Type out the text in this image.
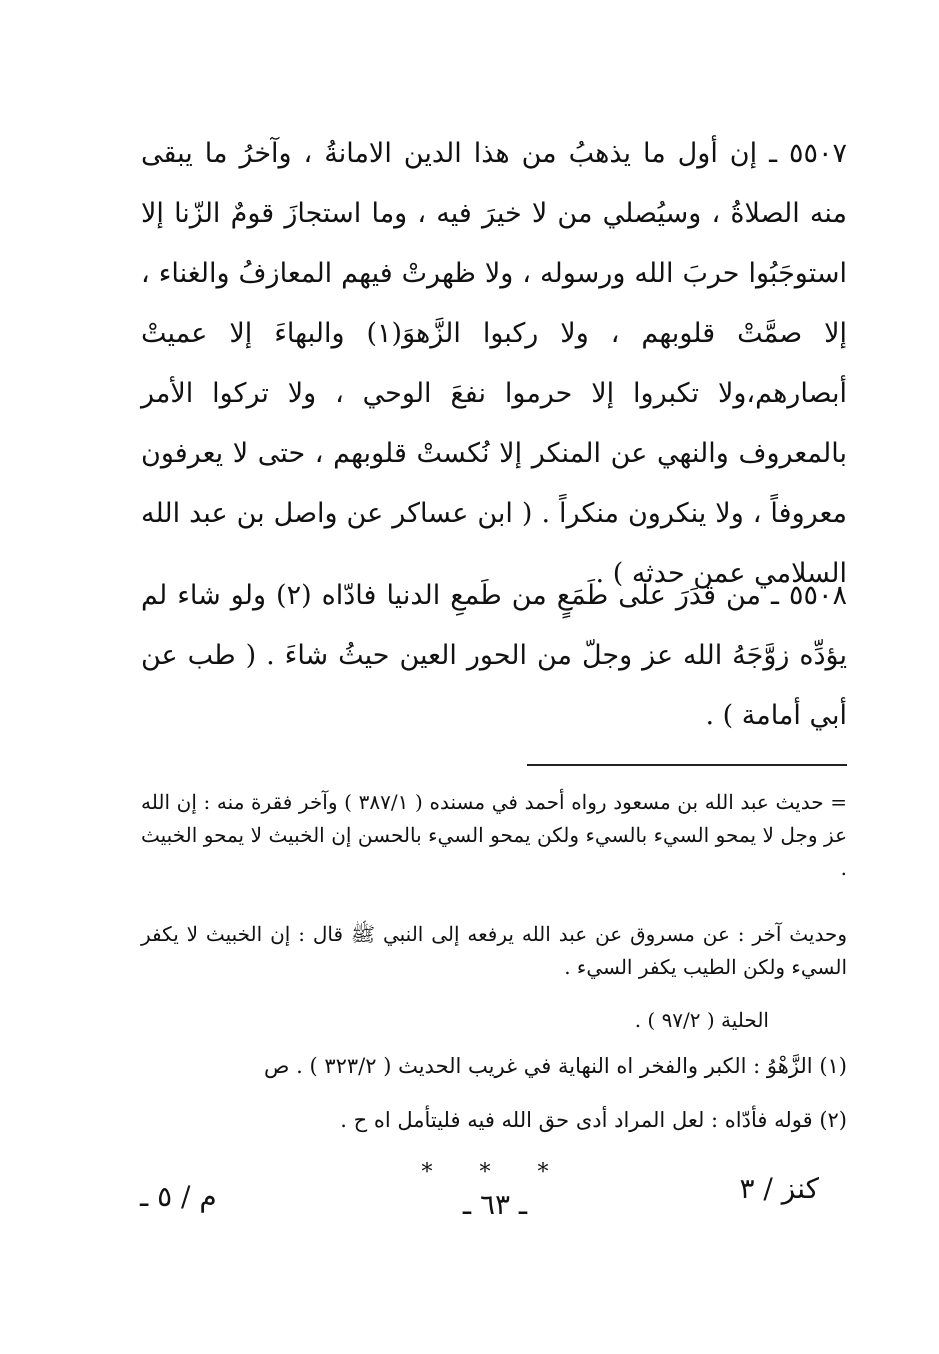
٥٥٠٧ ـ إن أول ما يذهبُ من هذا الدين الامانةُ ، وآخرُ ما يبقى منه الصلاةُ ، وسيُصلي من لا خيرَ فيه ، وما استجازَ قومٌ الزّنا إلا استوجَبُوا حربَ الله ورسوله ، ولا ظهرتْ فيهم المعازفُ والغناء ، إلا صمَّتْ قلوبهم ، ولا ركبوا الزَّهوَ(١) والبهاءَ إلا عميتْ أبصارهم،ولا تكبروا إلا حرموا نفعَ الوحي ، ولا تركوا الأمر بالمعروف والنهي عن المنكر إلا نُكستْ قلوبهم ، حتى لا يعرفون معروفاً ، ولا ينكرون منكراً . ( ابن عساكر عن واصل بن عبد الله السلامي عمن حدثه ) .

٥٥٠٨ ـ من قدَرَ على طَمَعٍ من طَمعِ الدنيا فادّاه (٢) ولو شاء لم يؤدِّه زوَّجَهُ الله عز وجلّ من الحور العين حيثُ شاءَ . ( طب عن أبي أمامة ) .

= حديث عبد الله بن مسعود رواه أحمد في مسنده ( ٣٨٧/١ ) وآخر فقرة منه : إن الله عز وجل لا يمحو السيء بالسيء ولكن يمحو السيء بالحسن إن الخبيث لا يمحو الخبيث .

وحديث آخر : عن مسروق عن عبد الله يرفعه إلى النبي ﷺ قال : إن الخبيث لا يكفر السيء ولكن الطيب يكفر السيء .

الحلية ( ٩٧/٢ ) .

(١) الزَّهْوُ : الكبر والفخر اه النهاية في غريب الحديث ( ٣٢٣/٢ ) . ص

(٢) قوله فأدّاه : لعل المراد أدى حق الله فيه فليتأمل اه ح .

كنز / ٣
* * *
ـ ٦٣ ـ
م / ٥ ـ
